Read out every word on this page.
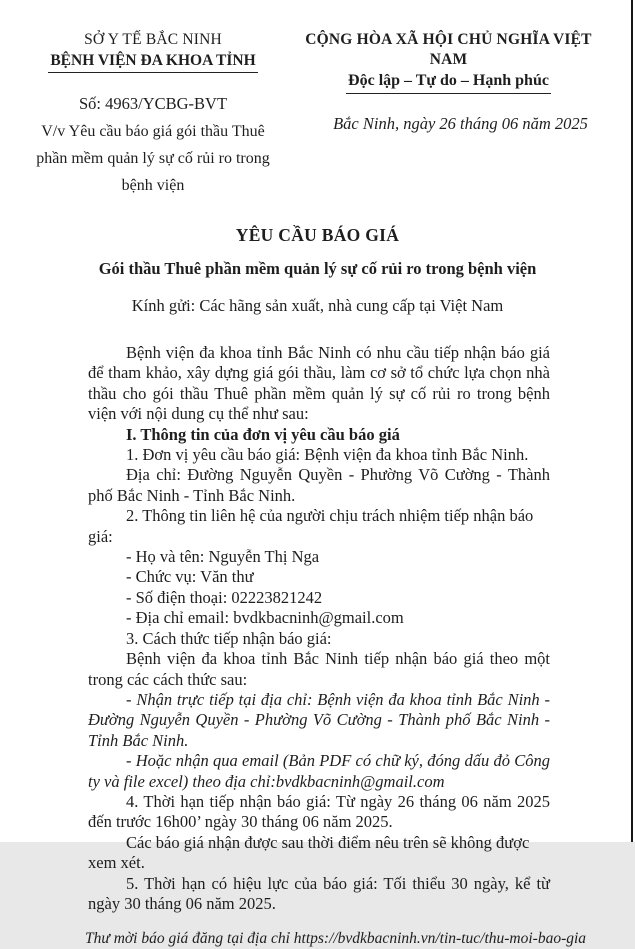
SỞ Y TẾ BẮC NINH
BỆNH VIỆN ĐA KHOA TỈNH
Số: 4963/YCBG-BVT
V/v Yêu cầu báo giá gói thầu Thuê phần mềm quản lý sự cố rủi ro trong bệnh viện
CỘNG HÒA XÃ HỘI CHỦ NGHĨA VIỆT NAM
Độc lập – Tự do – Hạnh phúc
Bắc Ninh, ngày 26 tháng 06 năm 2025
YÊU CẦU BÁO GIÁ
Gói thầu Thuê phần mềm quản lý sự cố rủi ro trong bệnh viện
Kính gửi: Các hãng sản xuất, nhà cung cấp tại Việt Nam

Bệnh viện đa khoa tỉnh Bắc Ninh có nhu cầu tiếp nhận báo giá để tham khảo, xây dựng giá gói thầu, làm cơ sở tổ chức lựa chọn nhà thầu cho gói thầu Thuê phần mềm quản lý sự cố rủi ro trong bệnh viện với nội dung cụ thể như sau:

I. Thông tin của đơn vị yêu cầu báo giá

1. Đơn vị yêu cầu báo giá: Bệnh viện đa khoa tỉnh Bắc Ninh.

Địa chỉ: Đường Nguyễn Quyền - Phường Võ Cường - Thành phố Bắc Ninh - Tỉnh Bắc Ninh.

2. Thông tin liên hệ của người chịu trách nhiệm tiếp nhận báo giá:

- Họ và tên: Nguyễn Thị Nga

- Chức vụ: Văn thư

- Số điện thoại: 02223821242

- Địa chỉ email: bvdkbacninh@gmail.com

3. Cách thức tiếp nhận báo giá:

Bệnh viện đa khoa tỉnh Bắc Ninh tiếp nhận báo giá theo một trong các cách thức sau:

- Nhận trực tiếp tại địa chỉ: Bệnh viện đa khoa tỉnh Bắc Ninh - Đường Nguyễn Quyền - Phường Võ Cường - Thành phố Bắc Ninh - Tỉnh Bắc Ninh.

- Hoặc nhận qua email (Bản PDF có chữ ký, đóng dấu đỏ Công ty và file excel) theo địa chỉ:bvdkbacninh@gmail.com

4. Thời hạn tiếp nhận báo giá: Từ ngày 26 tháng 06 năm 2025 đến trước 16h00’ ngày 30 tháng 06 năm 2025.

Các báo giá nhận được sau thời điểm nêu trên sẽ không được xem xét.

5. Thời hạn có hiệu lực của báo giá: Tối thiểu 30 ngày, kể từ ngày 30 tháng 06 năm 2025.

Thư mời báo giá đăng tại địa chỉ https://bvdkbacninh.vn/tin-tuc/thu-moi-bao-gia
